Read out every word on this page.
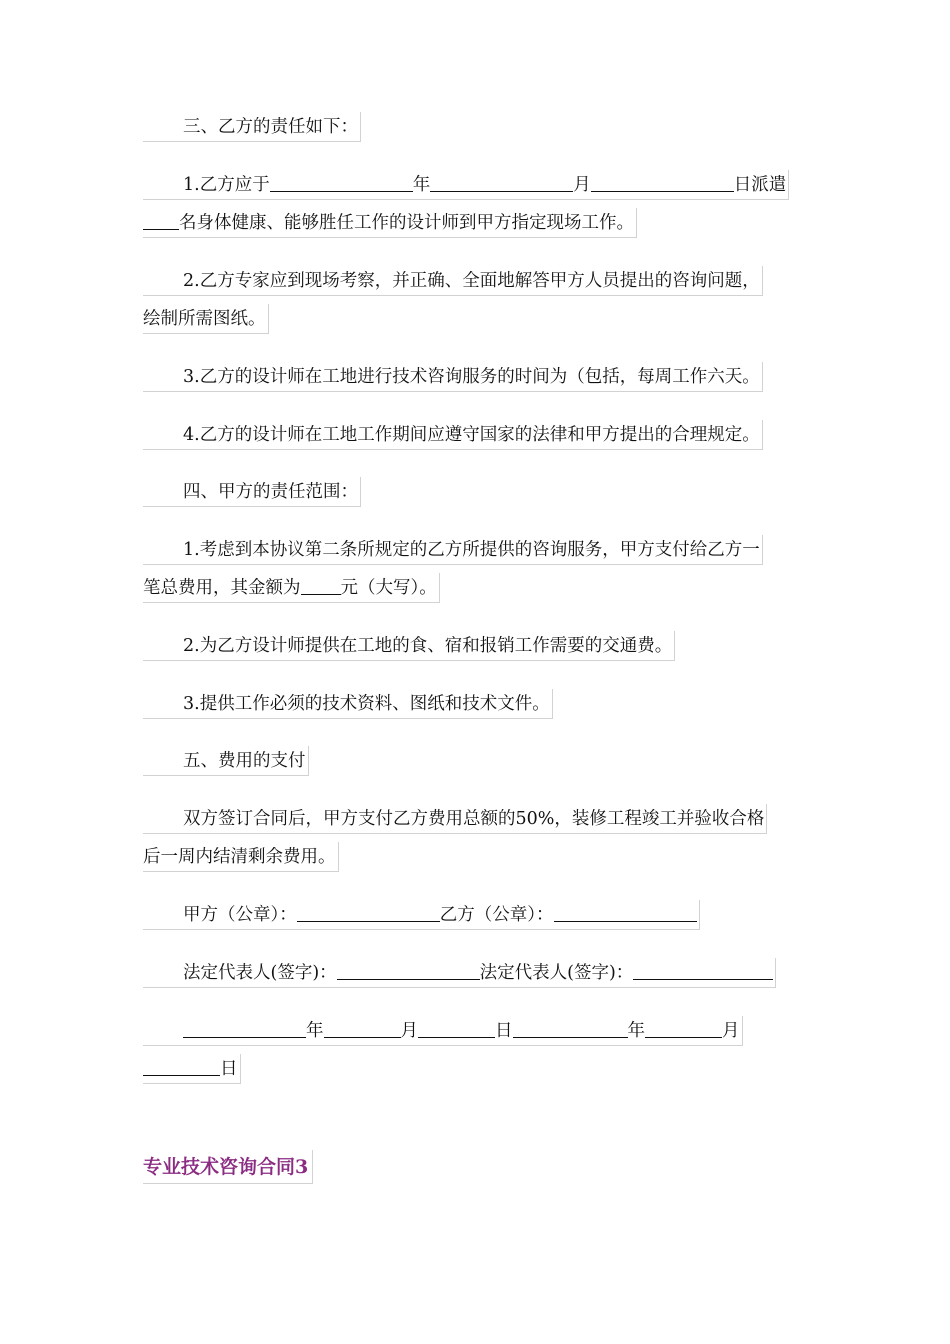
三、乙方的责任如下：
1.乙方应于	年	月	日派遣
名身体健康、能够胜任工作的设计师到甲方指定现场工作。
2.乙方专家应到现场考察，并正确、全面地解答甲方人员提出的咨询问题，
绘制所需图纸。
3.乙方的设计师在工地进行技术咨询服务的时间为（包括，每周工作六天。
4.乙方的设计师在工地工作期间应遵守国家的法律和甲方提出的合理规定。
四、甲方的责任范围：
1.考虑到本协议第二条所规定的乙方所提供的咨询服务，甲方支付给乙方一
笔总费用，其金额为 元（大写）。
2.为乙方设计师提供在工地的食、宿和报销工作需要的交通费。
3.提供工作必须的技术资料、图纸和技术文件。
五、费用的支付
双方签订合同后，甲方支付乙方费用总额的50%，装修工程竣工并验收合格
后一周内结清剩余费用。
甲方（公章）：	乙方（公章）：
法定代表人(签字)：	法定代表人(签字)：
年	月	日	年	月
日
专业技术咨询合同3
